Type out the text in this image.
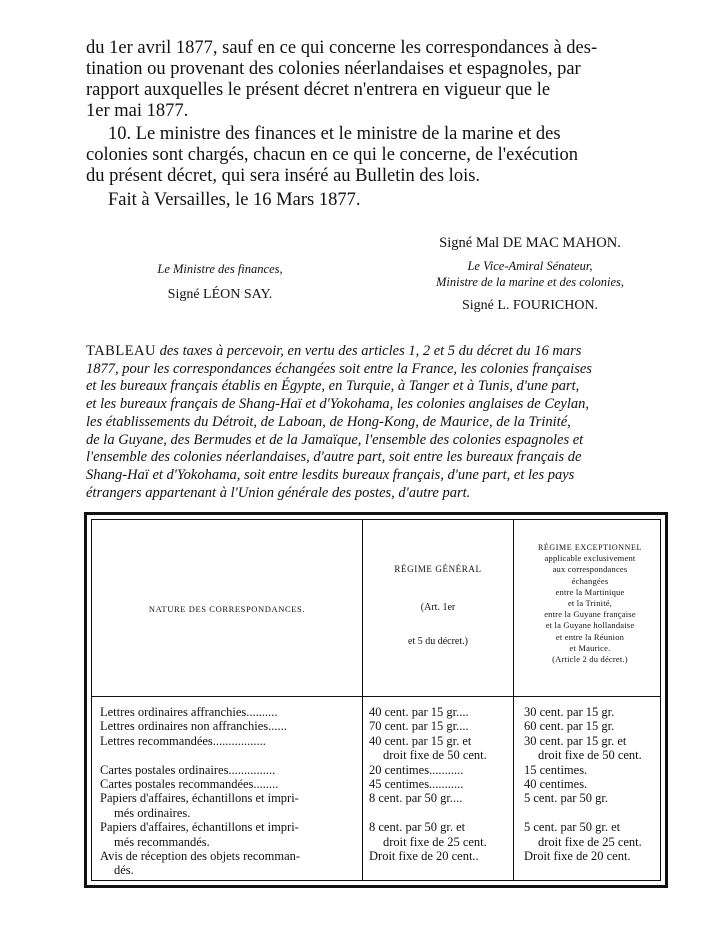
du 1er avril 1877, sauf en ce qui concerne les correspondances à des-
tination ou provenant des colonies néerlandaises et espagnoles, par
rapport auxquelles le présent décret n'entrera en vigueur que le
1er mai 1877.
10. Le ministre des finances et le ministre de la marine et des
colonies sont chargés, chacun en ce qui le concerne, de l'exécution
du présent décret, qui sera inséré au Bulletin des lois.
Fait à Versailles, le 16 Mars 1877.
Signé Mal DE MAC MAHON.
Le Ministre des finances,
Signé LÉON SAY.
Le Vice-Amiral Sénateur,
Ministre de la marine et des colonies,
Signé L. FOURICHON.
TABLEAU des taxes à percevoir, en vertu des articles 1, 2 et 5 du décret du 16 mars
1877, pour les correspondances échangées soit entre la France, les colonies françaises
et les bureaux français établis en Égypte, en Turquie, à Tanger et à Tunis, d'une part,
et les bureaux français de Shang-Haï et d'Yokohama, les colonies anglaises de Ceylan,
les établissements du Détroit, de Laboan, de Hong-Kong, de Maurice, de la Trinité,
de la Guyane, des Bermudes et de la Jamaïque, l'ensemble des colonies espagnoles et
l'ensemble des colonies néerlandaises, d'autre part, soit entre les bureaux français de
Shang-Haï et d'Yokohama, soit entre lesdits bureaux français, d'une part, et les pays
étrangers appartenant à l'Union générale des postes, d'autre part.
NATURE DES CORRESPONDANCES.
RÉGIME GÉNÉRAL
(Art. 1er
et 5 du décret.)
RÉGIME EXCEPTIONNEL
applicable exclusivement
aux correspondances
échangées
entre la Martinique
et la Trinité,
entre la Guyane française
et la Guyane hollandaise
et entre la Réunion
et Maurice.
(Article 2 du décret.)
Lettres ordinaires affranchies..........
Lettres ordinaires non affranchies......
Lettres recommandées.................

Cartes postales ordinaires...............
Cartes postales recommandées........
Papiers d'affaires, échantillons et impri-
més ordinaires.
Papiers d'affaires, échantillons et impri-
més recommandés.
Avis de réception des objets recomman-
dés.
40 cent. par 15 gr....
70 cent. par 15 gr....
40 cent. par 15 gr. et
droit fixe de 50 cent.
20 centimes...........
45 centimes...........
8 cent. par 50 gr....

8 cent. par 50 gr. et
droit fixe de 25 cent.
Droit fixe de 20 cent..
30 cent. par 15 gr.
60 cent. par 15 gr.
30 cent. par 15 gr. et
droit fixe de 50 cent.
15 centimes.
40 centimes.
5 cent. par 50 gr.

5 cent. par 50 gr. et
droit fixe de 25 cent.
Droit fixe de 20 cent.
